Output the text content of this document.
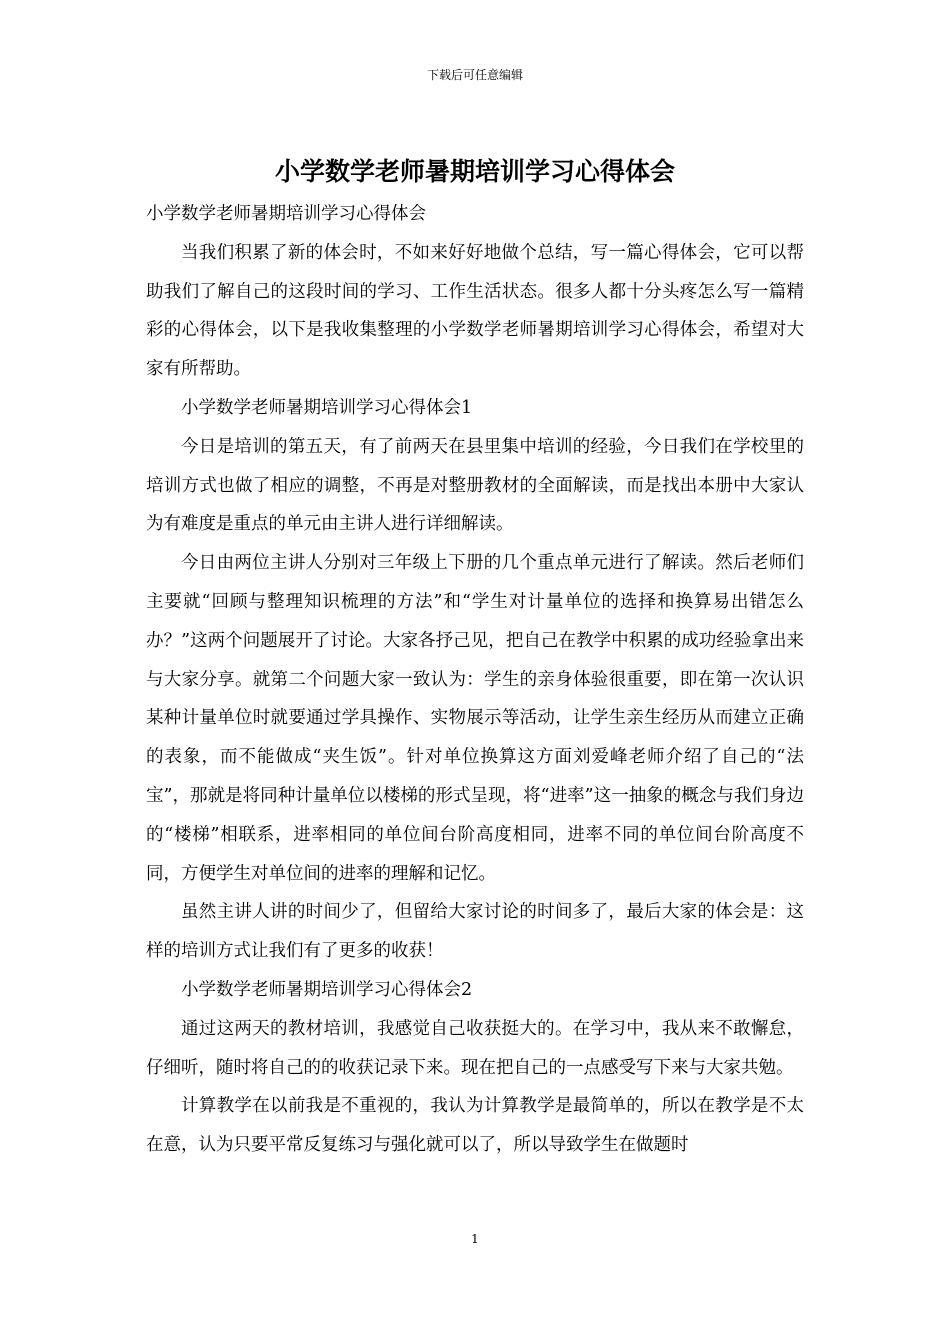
下载后可任意编辑
小学数学老师暑期培训学习心得体会

小学数学老师暑期培训学习心得体会

当我们积累了新的体会时，不如来好好地做个总结，写一篇心得体会，它可以帮助我们了解自己的这段时间的学习、工作生活状态。很多人都十分头疼怎么写一篇精彩的心得体会，以下是我收集整理的小学数学老师暑期培训学习心得体会，希望对大家有所帮助。

小学数学老师暑期培训学习心得体会1

今日是培训的第五天，有了前两天在县里集中培训的经验，今日我们在学校里的培训方式也做了相应的调整，不再是对整册教材的全面解读，而是找出本册中大家认为有难度是重点的单元由主讲人进行详细解读。

今日由两位主讲人分别对三年级上下册的几个重点单元进行了解读。然后老师们主要就“回顾与整理知识梳理的方法”和“学生对计量单位的选择和换算易出错怎么办？”这两个问题展开了讨论。大家各抒己见，把自己在教学中积累的成功经验拿出来与大家分享。就第二个问题大家一致认为：学生的亲身体验很重要，即在第一次认识某种计量单位时就要通过学具操作、实物展示等活动，让学生亲生经历从而建立正确的表象，而不能做成“夹生饭”。针对单位换算这方面刘爱峰老师介绍了自己的“法宝”，那就是将同种计量单位以楼梯的形式呈现，将“进率”这一抽象的概念与我们身边的“楼梯”相联系，进率相同的单位间台阶高度相同，进率不同的单位间台阶高度不同，方便学生对单位间的进率的理解和记忆。

虽然主讲人讲的时间少了，但留给大家讨论的时间多了，最后大家的体会是：这样的培训方式让我们有了更多的收获！

小学数学老师暑期培训学习心得体会2

通过这两天的教材培训，我感觉自己收获挺大的。在学习中，我从来不敢懈怠，仔细听，随时将自己的的收获记录下来。现在把自己的一点感受写下来与大家共勉。

计算教学在以前我是不重视的，我认为计算教学是最简单的，所以在教学是不太在意，认为只要平常反复练习与强化就可以了，所以导致学生在做题时

1
